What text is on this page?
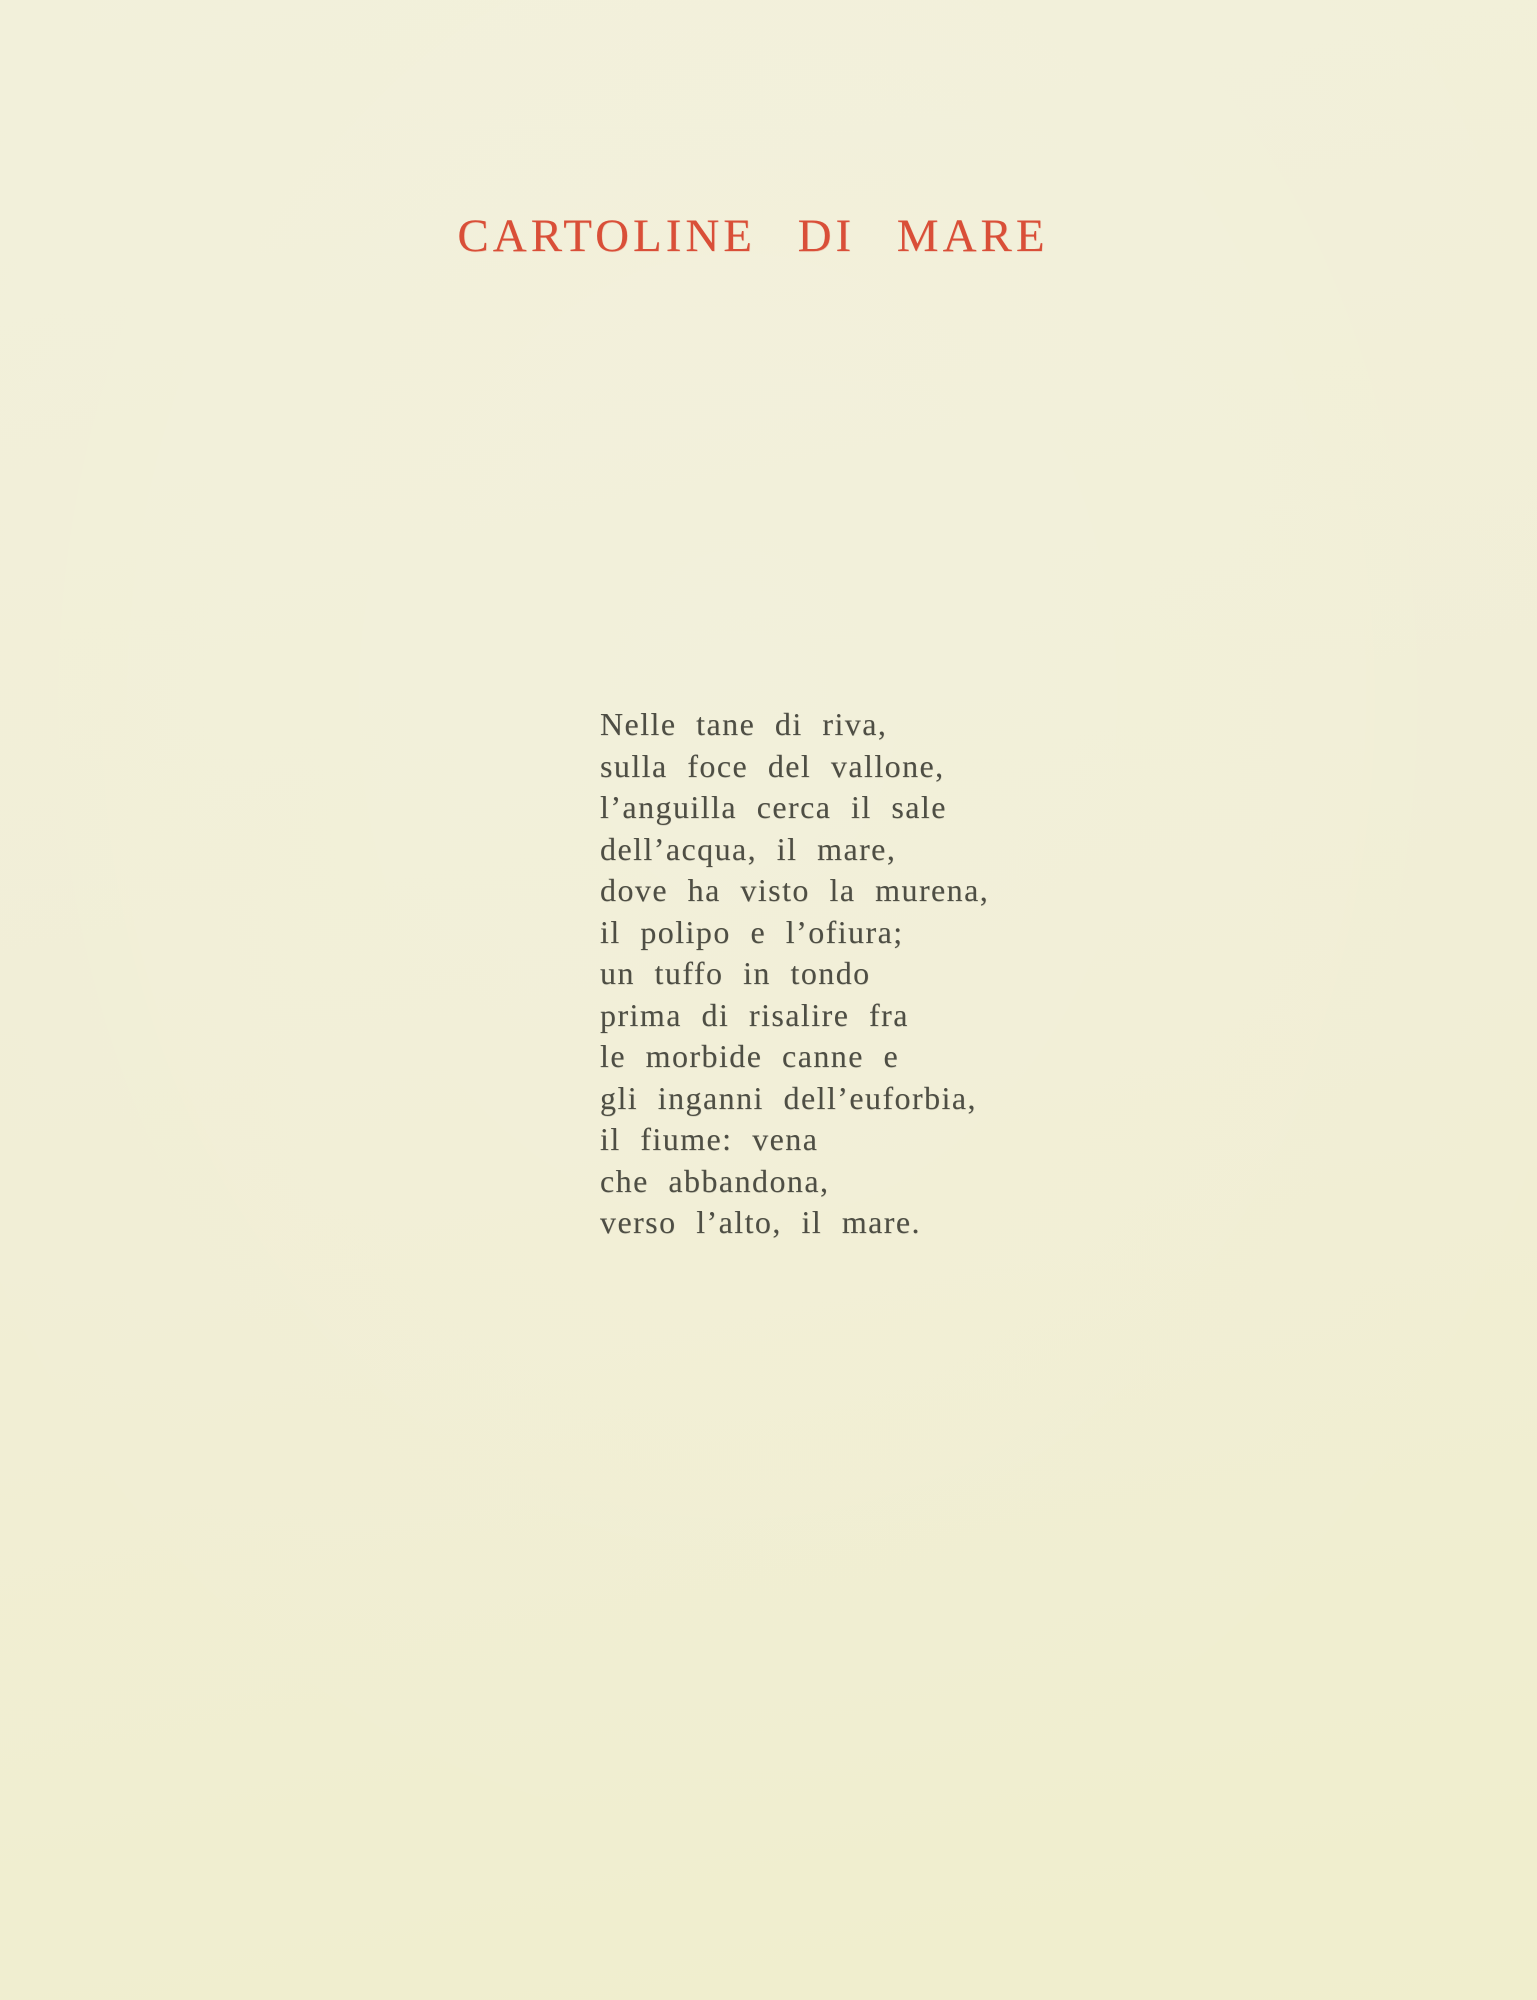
CARTOLINE DI MARE
Nelle tane di riva,
sulla foce del vallone,
l’anguilla cerca il sale
dell’acqua, il mare,
dove ha visto la murena,
il polipo e l’ofiura;
un tuffo in tondo
prima di risalire fra
le morbide canne e
gli inganni dell’euforbia,
il fiume: vena
che abbandona,
verso l’alto, il mare.
